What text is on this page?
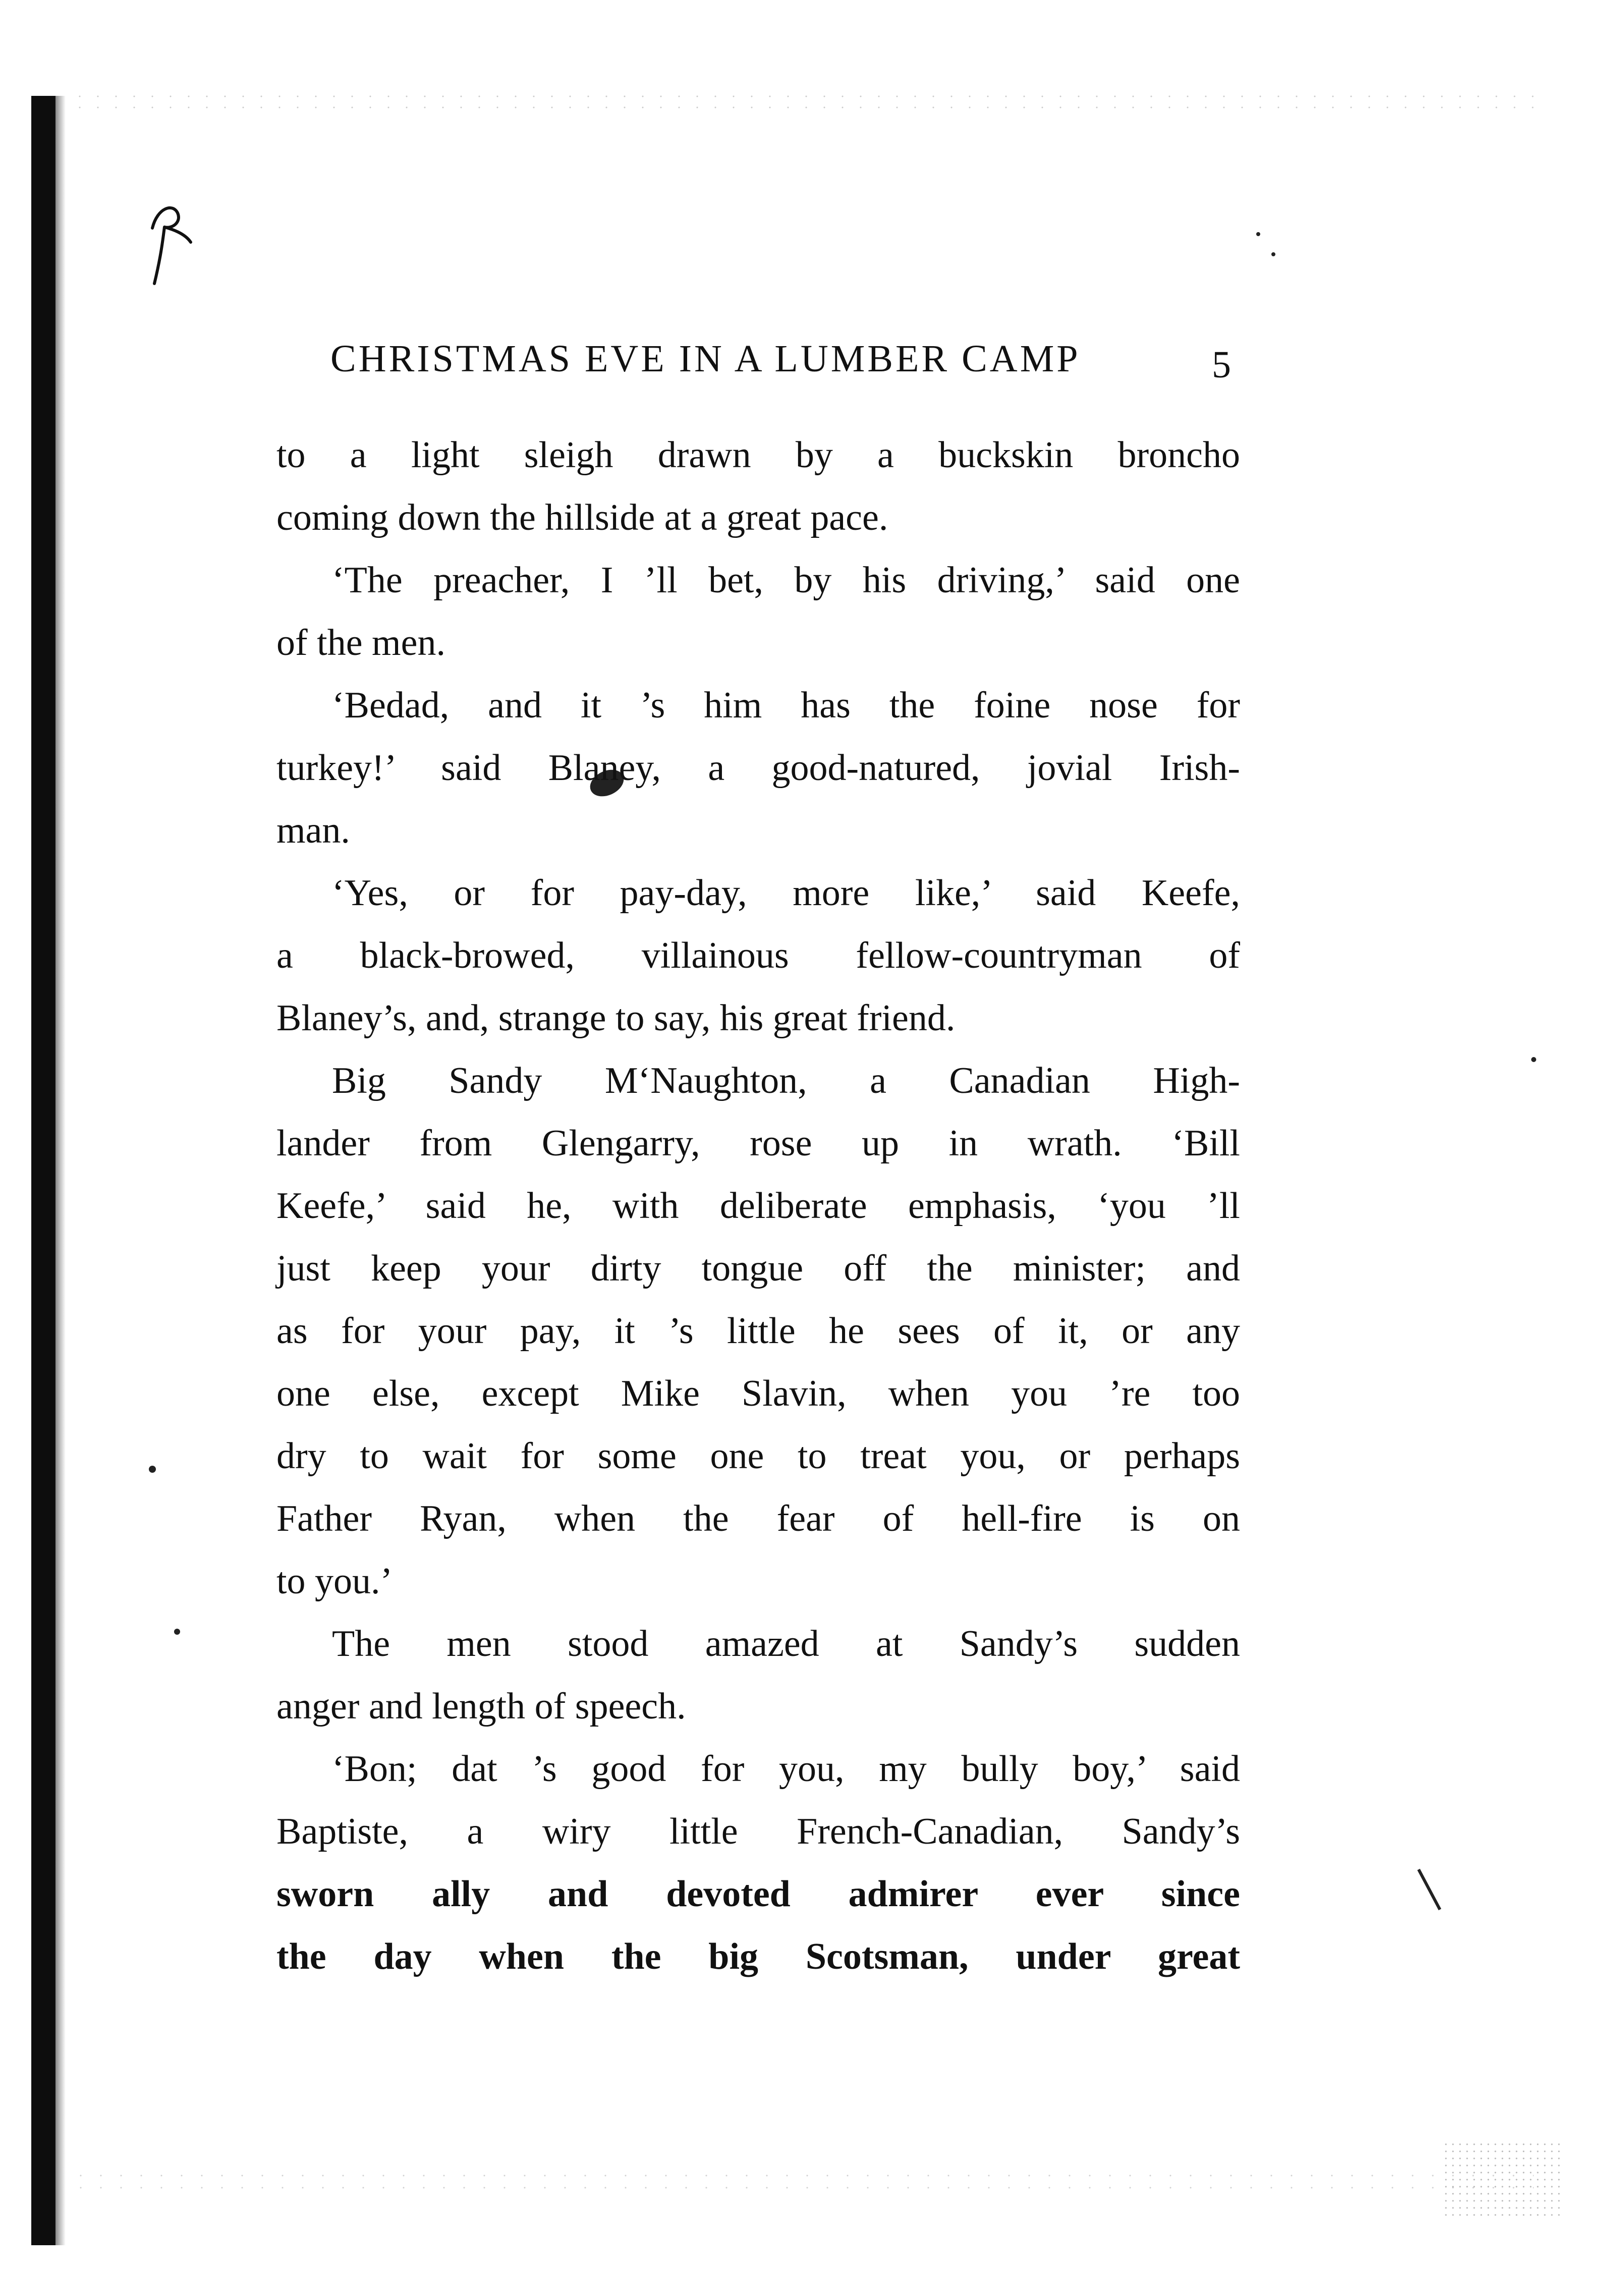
CHRISTMAS EVE IN A LUMBER CAMP	5
to a light sleigh drawn by a buckskin broncho
coming down the hillside at a great pace.
‘The preacher, I ’ll bet, by his driving,’ said one
of the men.
‘Bedad, and it ’s him has the foine nose for
turkey!’ said Blaney, a good-natured, jovial Irish-
man.
‘Yes, or for pay-day, more like,’ said Keefe,
a black-browed, villainous fellow-countryman of
Blaney’s, and, strange to say, his great friend.
Big Sandy M‘Naughton, a Canadian High-
lander from Glengarry, rose up in wrath. ‘Bill
Keefe,’ said he, with deliberate emphasis, ‘you ’ll
just keep your dirty tongue off the minister; and
as for your pay, it ’s little he sees of it, or any
one else, except Mike Slavin, when you ’re too
dry to wait for some one to treat you, or perhaps
Father Ryan, when the fear of hell-fire is on
to you.’
The men stood amazed at Sandy’s sudden
anger and length of speech.
‘Bon; dat ’s good for you, my bully boy,’ said
Baptiste, a wiry little French-Canadian, Sandy’s
sworn ally and devoted admirer ever since
the day when the big Scotsman, under great
